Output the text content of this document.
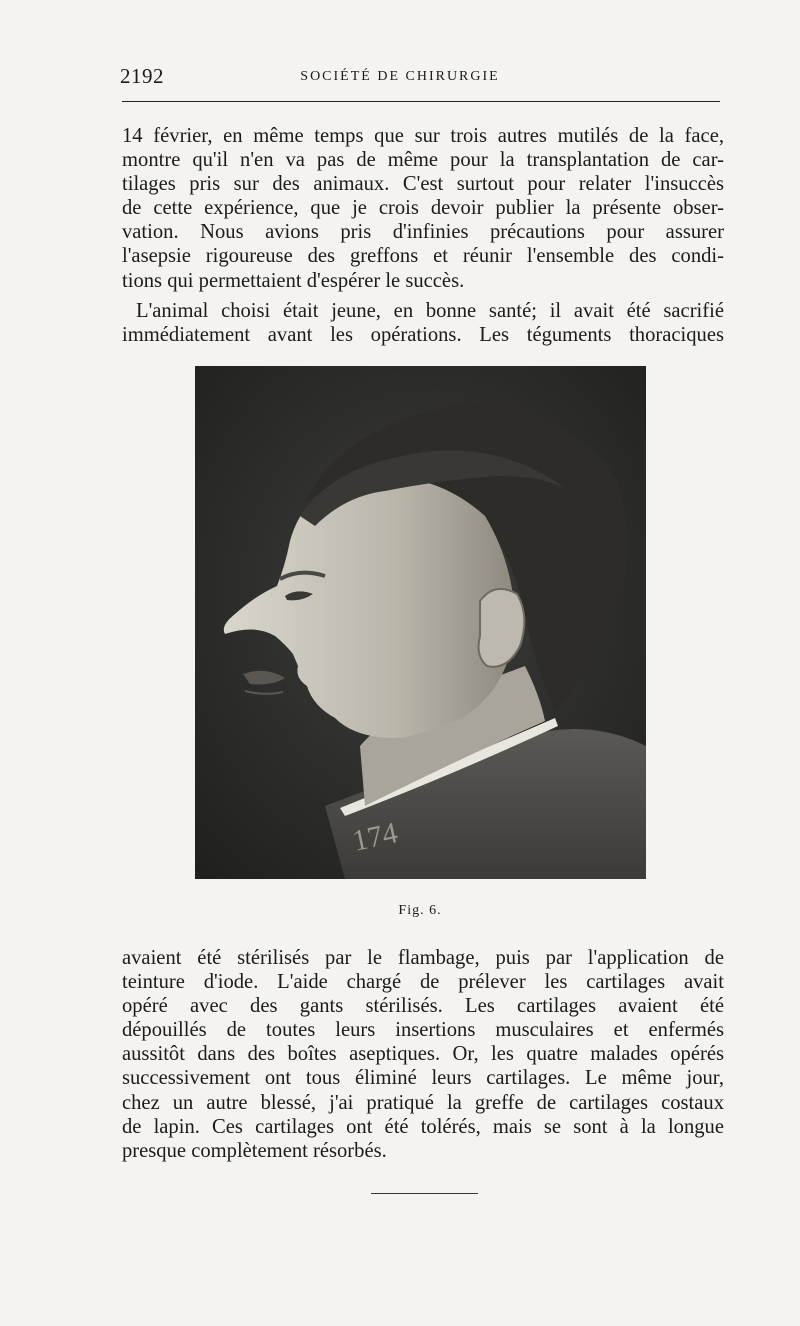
2192	SOCIÉTÉ DE CHIRURGIE
14 février, en même temps que sur trois autres mutilés de la face,
montre qu'il n'en va pas de même pour la transplantation de car-
tilages pris sur des animaux. C'est surtout pour relater l'insuccès
de cette expérience, que je crois devoir publier la présente obser-
vation. Nous avions pris d'infinies précautions pour assurer
l'asepsie rigoureuse des greffons et réunir l'ensemble des condi-
tions qui permettaient d'espérer le succès.
L'animal choisi était jeune, en bonne santé; il avait été sacrifié
immédiatement avant les opérations. Les téguments thoraciques
174
Fig. 6.
avaient été stérilisés par le flambage, puis par l'application de
teinture d'iode. L'aide chargé de prélever les cartilages avait
opéré avec des gants stérilisés. Les cartilages avaient été
dépouillés de toutes leurs insertions musculaires et enfermés
aussitôt dans des boîtes aseptiques. Or, les quatre malades opérés
successivement ont tous éliminé leurs cartilages. Le même jour,
chez un autre blessé, j'ai pratiqué la greffe de cartilages costaux
de lapin. Ces cartilages ont été tolérés, mais se sont à la longue
presque complètement résorbés.
